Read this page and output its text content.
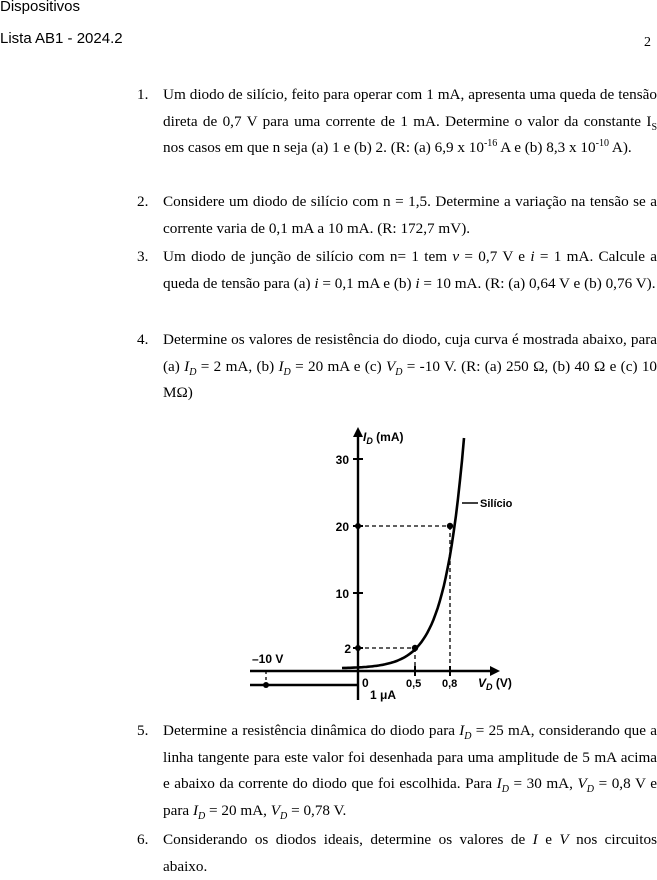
Dispositivos
Lista AB1 - 2024.2	2
1. Um diodo de silício, feito para operar com 1 mA, apresenta uma queda de tensão direta de 0,7 V para uma corrente de 1 mA. Determine o valor da constante $I_S$ nos casos em que n seja (a) 1 e (b) 2. (R: (a) 6,9 x $10^{-16}$ A e (b) 8,3 x $10^{-10}$ A).
2. Considere um diodo de silício com n = 1,5. Determine a variação na tensão se a corrente varia de 0,1 mA a 10 mA. (R: 172,7 mV).
3. Um diodo de junção de silício com n= 1 tem v = 0,7 V e i = 1 mA. Calcule a queda de tensão para (a) i = 0,1 mA e (b) i = 10 mA. (R: (a) 0,64 V e (b) 0,76 V).
4. Determine os valores de resistência do diodo, cuja curva é mostrada abaixo, para (a) $I_D = 2$ mA, (b) $I_D = 20$ mA e (c) $V_D = -10$ V. (R: (a) 250 Ω, (b) 40 Ω e (c) 10 MΩ)
30
20
10
2
0	0,5 0,8
$I_D$ (mA)
$V_D$ (V)
Silício
–10 V
1 μA
5. Determine a resistência dinâmica do diodo para $I_D = 25$ mA, considerando que a linha tangente para este valor foi desenhada para uma amplitude de 5 mA acima e abaixo da corrente do diodo que foi escolhida. Para $I_D = 30$ mA, $V_D = 0,8$ V e para $I_D = 20$ mA, $V_D = 0,78$ V.
6. Considerando os diodos ideais, determine os valores de I e V nos circuitos abaixo.
